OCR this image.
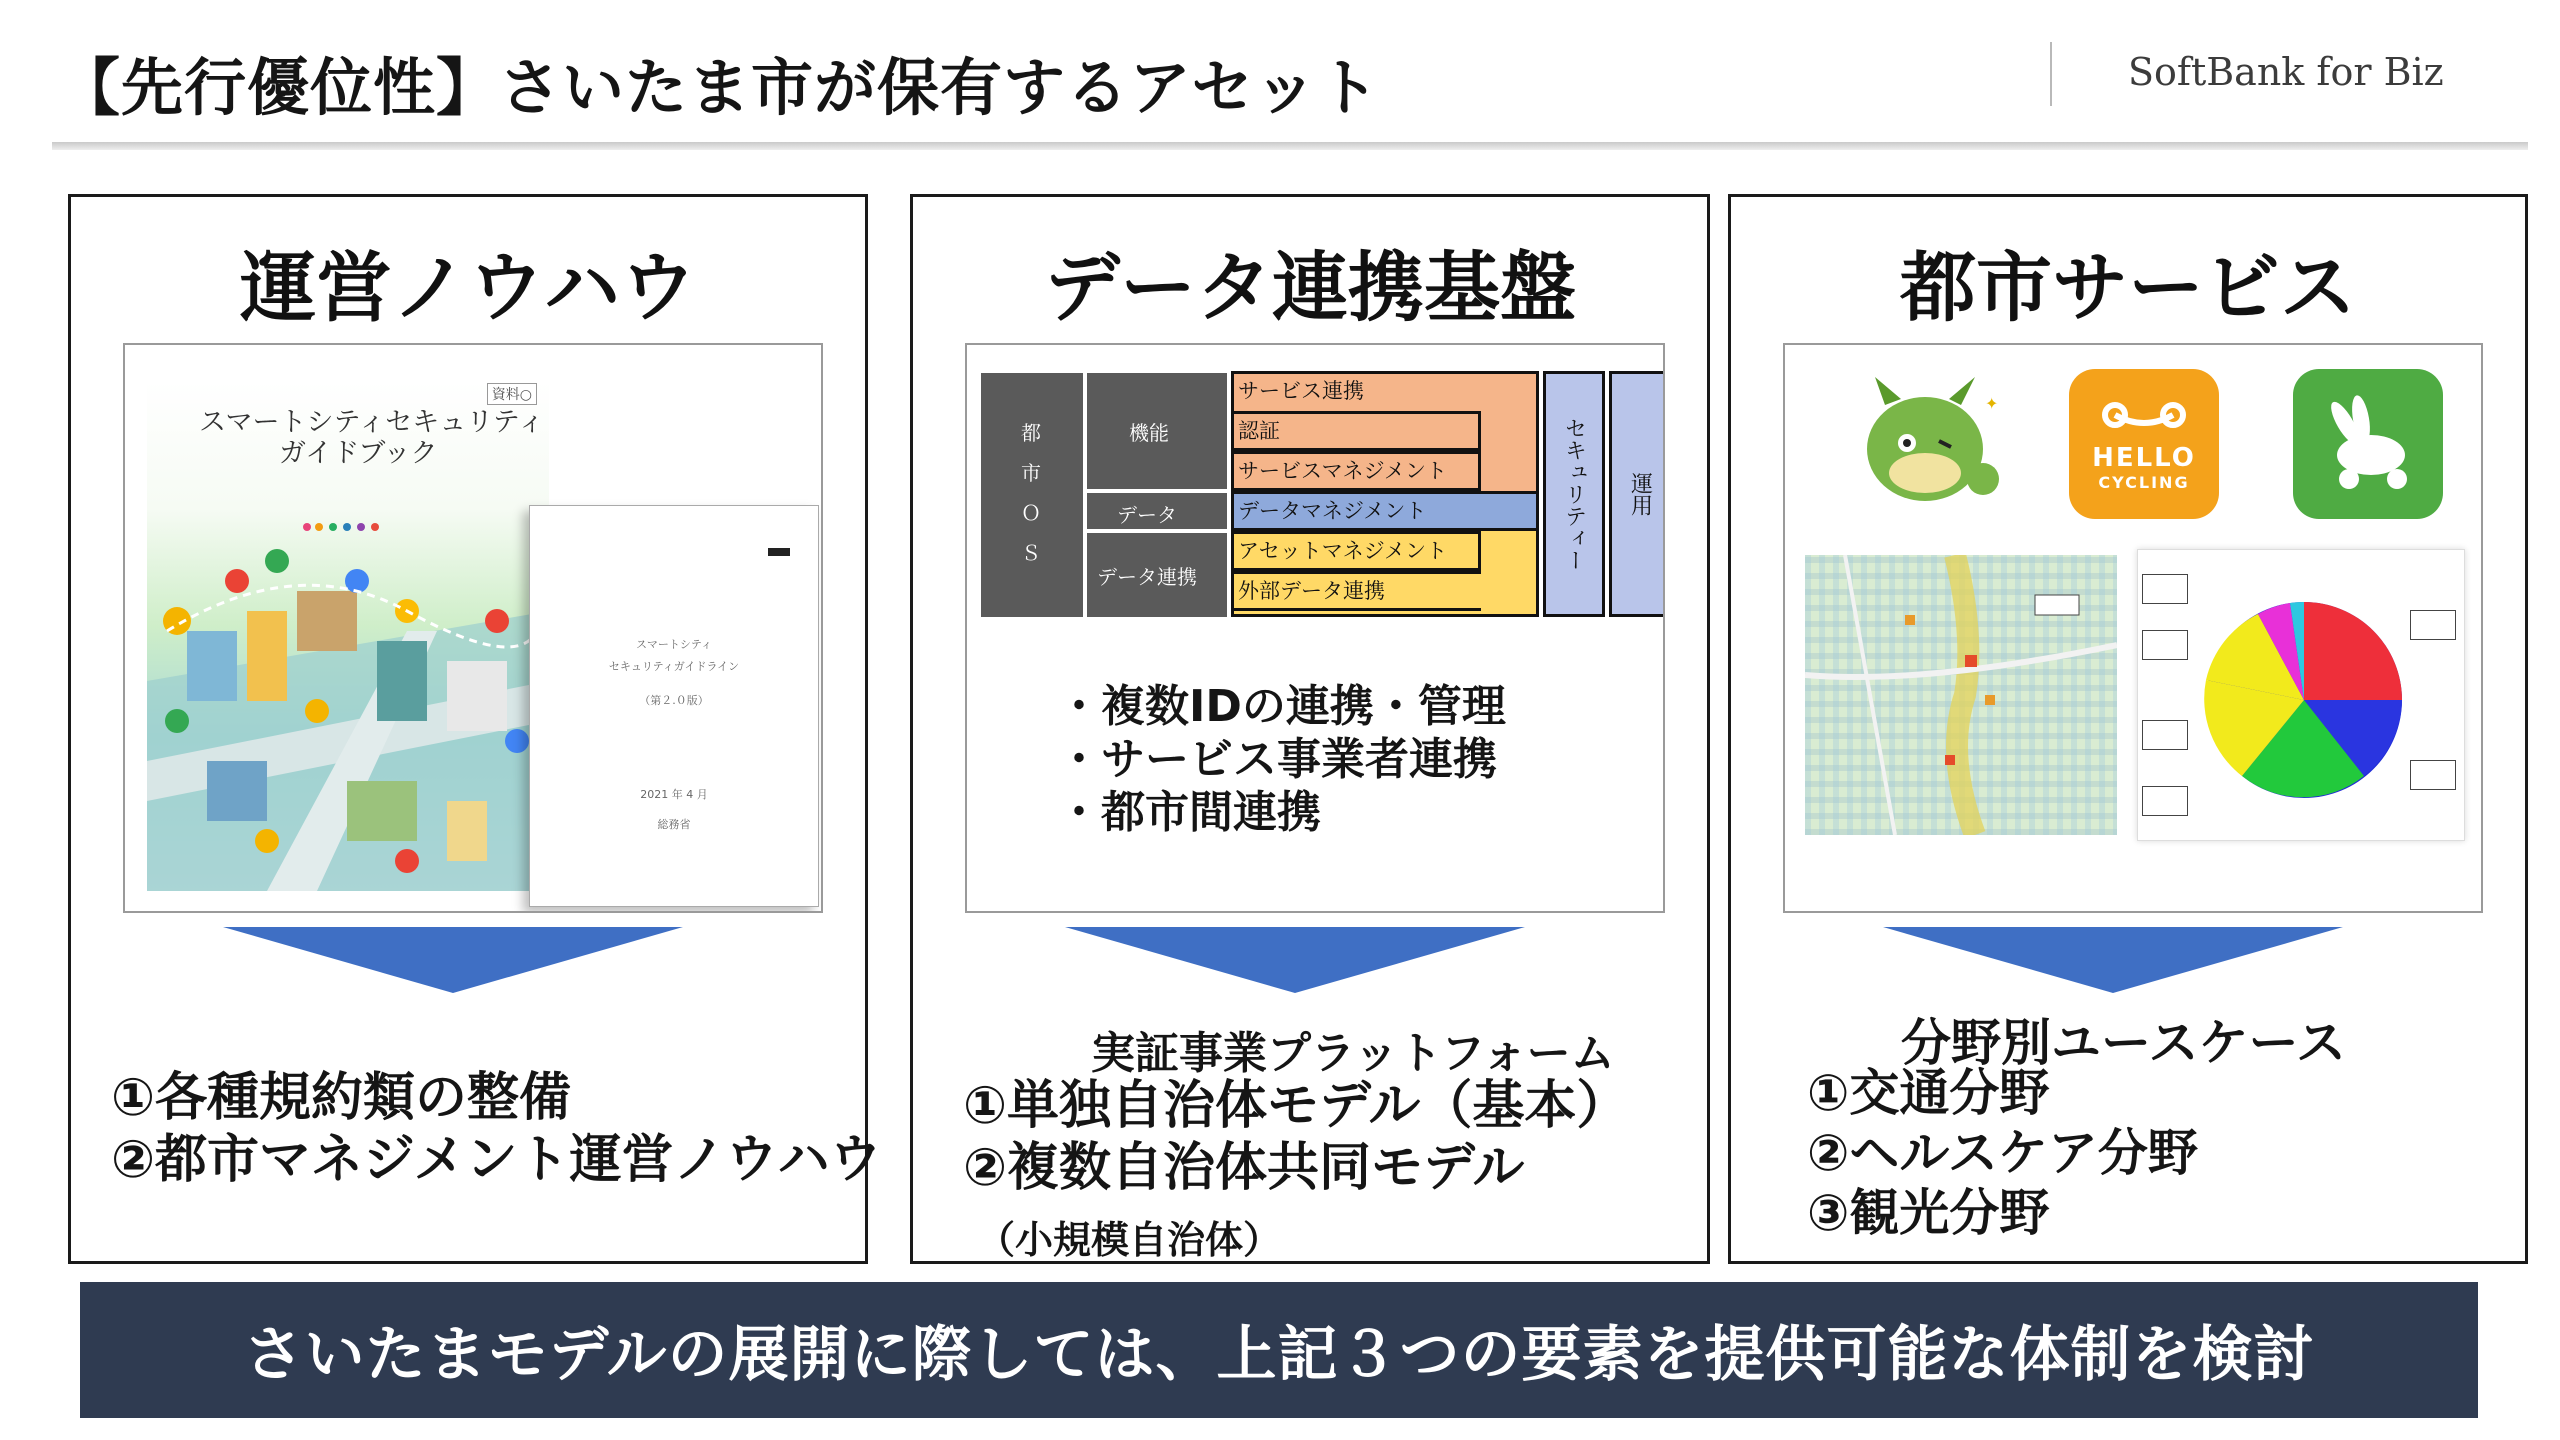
【先行優位性】さいたま市が保有するアセット	SoftBank for Biz
運営ノウハウ
資料○
スマートシティセキュリティ
ガイドブック
スマートシティ
セキュリティガイドライン
（第２.０版）
2021 年 4 月
総務省
①各種規約類の整備
②都市マネジメント運営ノウハウ
データ連携基盤
都
市
Ｏ
Ｓ
機能
データ
データ連携
サービス連携
認証
サービスマネジメント
データマネジメント
アセットマネジメント
外部データ連携
セキュリティー 運用
・複数IDの連携・管理
・サービス事業者連携
・都市間連携
実証事業プラットフォーム
①単独自治体モデル（基本）
②複数自治体共同モデル
（小規模自治体）
都市サービス
✦
HELLO
CYCLING
分野別ユースケース
①交通分野
②ヘルスケア分野
③観光分野
さいたまモデルの展開に際しては、上記３つの要素を提供可能な体制を検討
